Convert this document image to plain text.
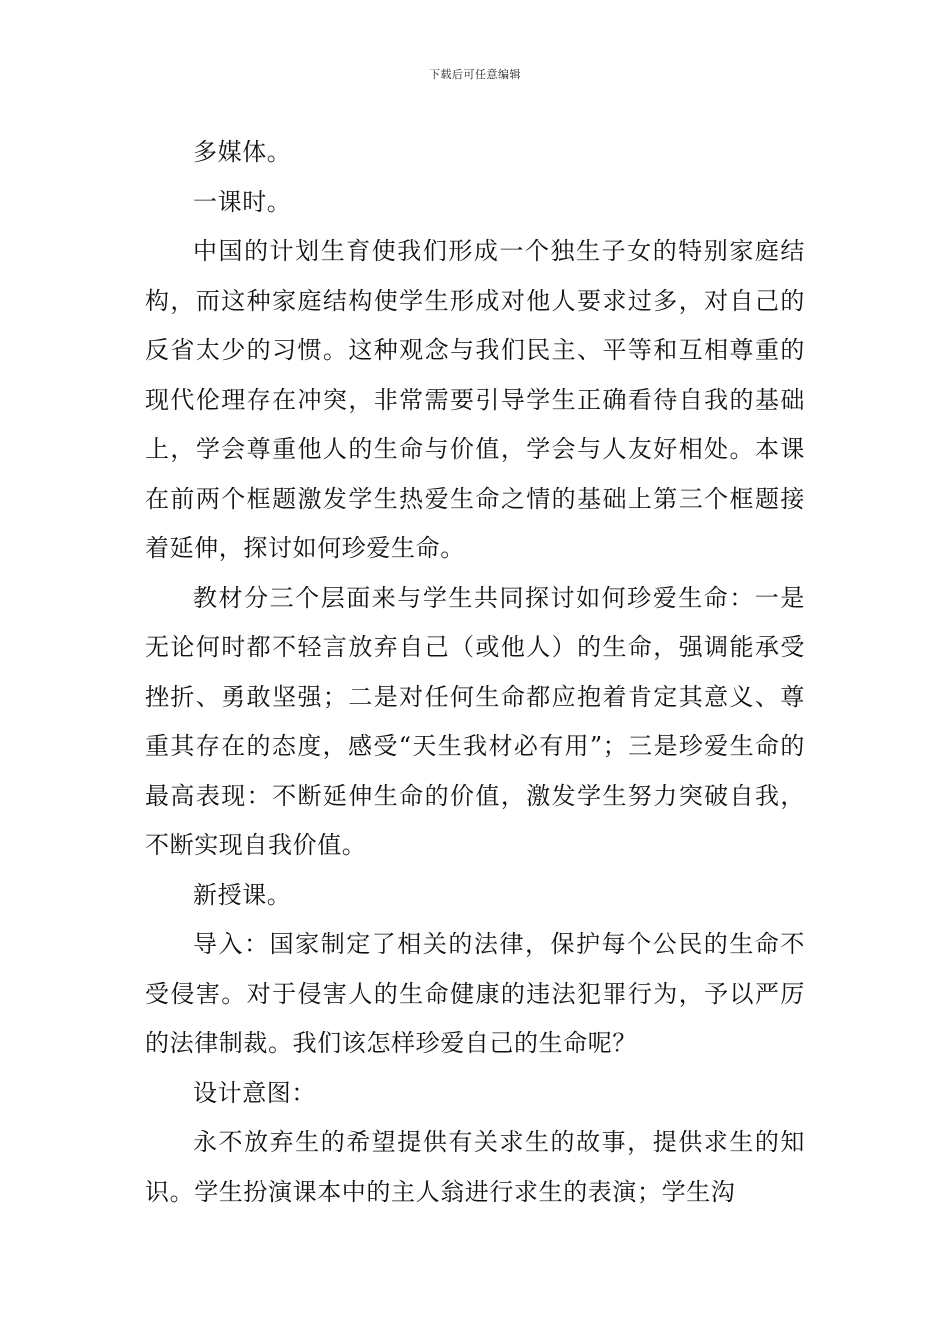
下载后可任意编辑

多媒体。

一课时。

中国的计划生育使我们形成一个独生子女的特别家庭结构，而这种家庭结构使学生形成对他人要求过多，对自己的反省太少的习惯。这种观念与我们民主、平等和互相尊重的现代伦理存在冲突，非常需要引导学生正确看待自我的基础上，学会尊重他人的生命与价值，学会与人友好相处。本课在前两个框题激发学生热爱生命之情的基础上第三个框题接着延伸，探讨如何珍爱生命。

教材分三个层面来与学生共同探讨如何珍爱生命：一是无论何时都不轻言放弃自己（或他人）的生命，强调能承受挫折、勇敢坚强；二是对任何生命都应抱着肯定其意义、尊重其存在的态度，感受“天生我材必有用”；三是珍爱生命的最高表现：不断延伸生命的价值，激发学生努力突破自我，不断实现自我价值。

新授课。

导入：国家制定了相关的法律，保护每个公民的生命不受侵害。对于侵害人的生命健康的违法犯罪行为，予以严厉的法律制裁。我们该怎样珍爱自己的生命呢？

设计意图：

永不放弃生的希望提供有关求生的故事，提供求生的知识。学生扮演课本中的主人翁进行求生的表演；学生沟
